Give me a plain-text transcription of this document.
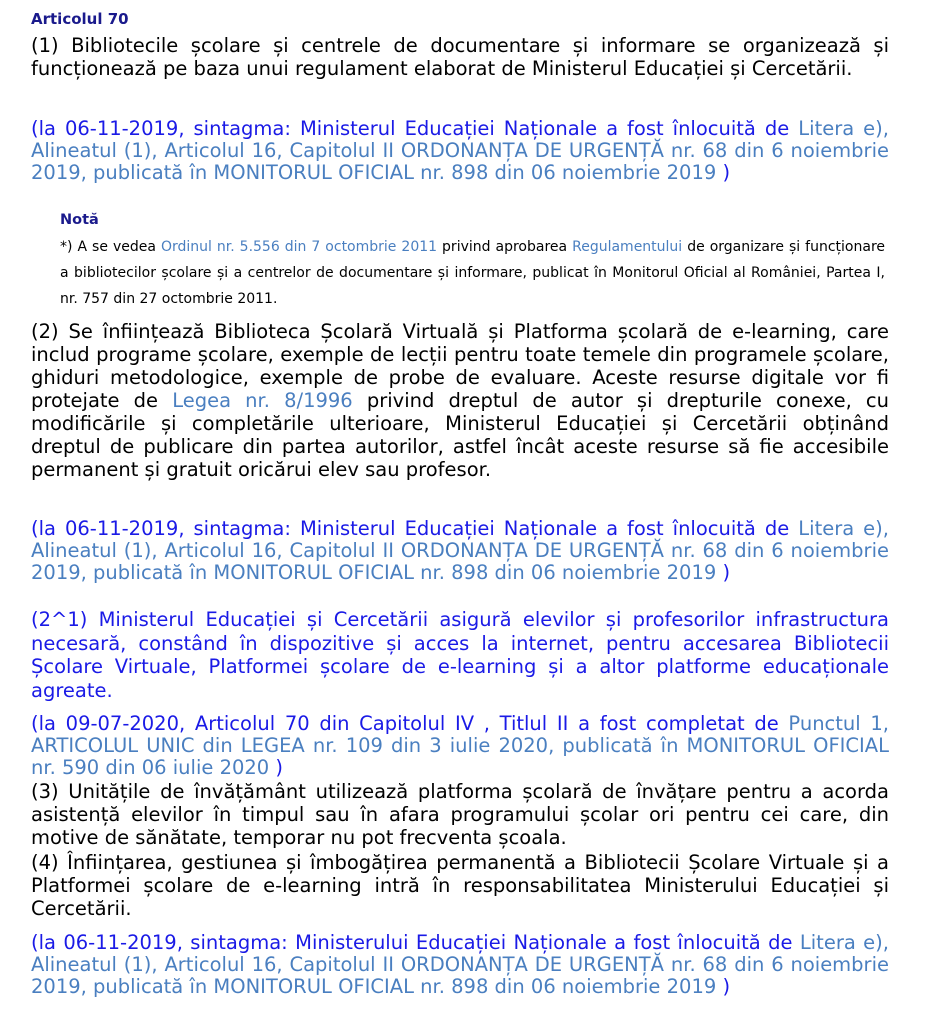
Articolul 70

(1) Bibliotecile școlare și centrele de documentare și informare se organizează și funcționează pe baza unui regulament elaborat de Ministerul Educației și Cercetării.

(la 06-11-2019, sintagma: Ministerul Educației Naționale a fost înlocuită de Litera e), Alineatul (1), Articolul 16, Capitolul II ORDONANȚA DE URGENȚĂ nr. 68 din 6 noiembrie 2019, publicată în MONITORUL OFICIAL nr. 898 din 06 noiembrie 2019 )

Notă

*) A se vedea Ordinul nr. 5.556 din 7 octombrie 2011 privind aprobarea Regulamentului de organizare și funcționare a bibliotecilor școlare și a centrelor de documentare și informare, publicat în Monitorul Oficial al României, Partea I, nr. 757 din 27 octombrie 2011.

(2) Se înființează Biblioteca Școlară Virtuală și Platforma școlară de e-learning, care includ programe școlare, exemple de lecții pentru toate temele din programele școlare, ghiduri metodologice, exemple de probe de evaluare. Aceste resurse digitale vor fi protejate de Legea nr. 8/1996 privind dreptul de autor și drepturile conexe, cu modificările și completările ulterioare, Ministerul Educației și Cercetării obținând dreptul de publicare din partea autorilor, astfel încât aceste resurse să fie accesibile permanent și gratuit oricărui elev sau profesor.

(la 06-11-2019, sintagma: Ministerul Educației Naționale a fost înlocuită de Litera e), Alineatul (1), Articolul 16, Capitolul II ORDONANȚA DE URGENȚĂ nr. 68 din 6 noiembrie 2019, publicată în MONITORUL OFICIAL nr. 898 din 06 noiembrie 2019 )

(2^1) Ministerul Educației și Cercetării asigură elevilor și profesorilor infrastructura necesară, constând în dispozitive și acces la internet, pentru accesarea Bibliotecii Școlare Virtuale, Platformei școlare de e-learning și a altor platforme educaționale agreate.

(la 09-07-2020, Articolul 70 din Capitolul IV , Titlul II a fost completat de Punctul 1, ARTICOLUL UNIC din LEGEA nr. 109 din 3 iulie 2020, publicată în MONITORUL OFICIAL nr. 590 din 06 iulie 2020 )

(3) Unitățile de învățământ utilizează platforma școlară de învățare pentru a acorda asistență elevilor în timpul sau în afara programului școlar ori pentru cei care, din motive de sănătate, temporar nu pot frecventa școala.

(4) Înființarea, gestiunea și îmbogățirea permanentă a Bibliotecii Școlare Virtuale și a Platformei școlare de e-learning intră în responsabilitatea Ministerului Educației și Cercetării.

(la 06-11-2019, sintagma: Ministerului Educației Naționale a fost înlocuită de Litera e), Alineatul (1), Articolul 16, Capitolul II ORDONANȚA DE URGENȚĂ nr. 68 din 6 noiembrie 2019, publicată în MONITORUL OFICIAL nr. 898 din 06 noiembrie 2019 )
